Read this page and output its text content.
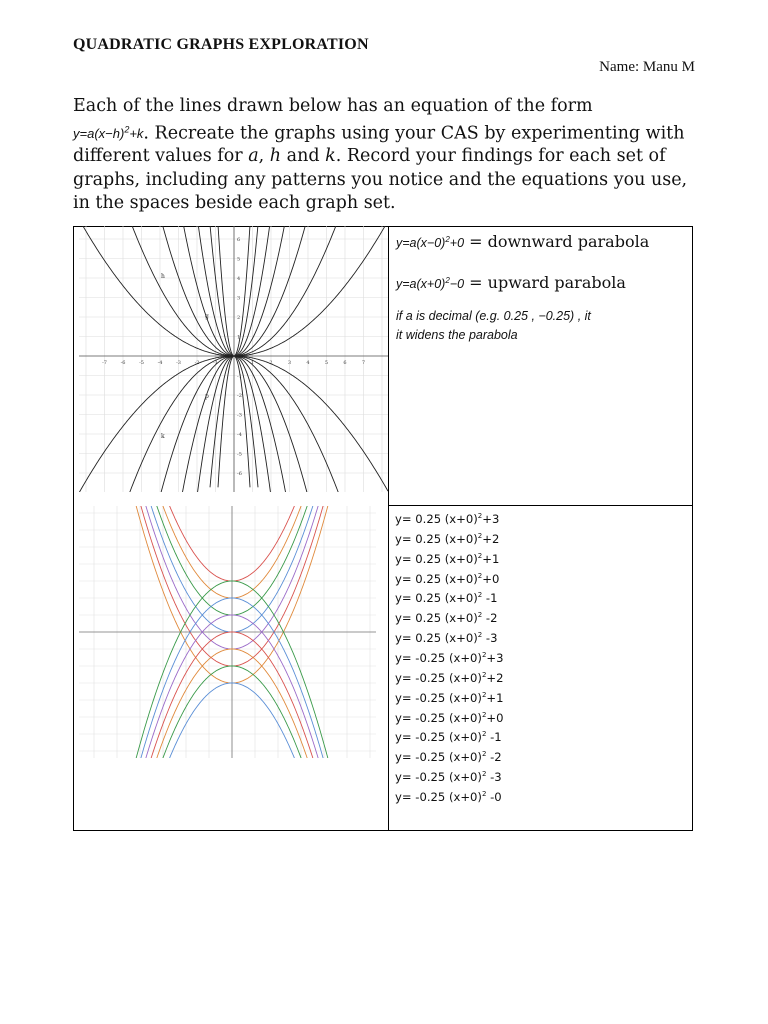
QUADRATIC GRAPHS EXPLORATION
Name: Manu M
Each of the lines drawn below has an equation of the form
$y=a(x-h)^2+k$. Recreate the graphs using your CAS by experimenting with different values for a, h and k. Record your findings for each set of graphs, including any patterns you notice and the equations you use, in the spaces beside each graph set.
-7	-6	-5	-4	-3	-2	-1	1	2	3	4	5	6	7
6
5
4
3
2
1
-1
-2
-3
-4
-5
-6
h
g
p
k
$y=a(x-0)^2+0$ = downward parabola
$y=a(x+0)^2-0$ = upward parabola
if a is decimal (e.g. 0.25 , −0.25) , it
it widens the parabola
y= 0.25 $(x+0)^2+3$
y= 0.25 $(x+0)^2+2$
y= 0.25 $(x+0)^2+1$
y= 0.25 $(x+0)^2+0$
y= 0.25 $(x+0)^2$ -1
y= 0.25 $(x+0)^2$ -2
y= 0.25 $(x+0)^2$ -3
y= -0.25 $(x+0)^2+3$
y= -0.25 $(x+0)^2+2$
y= -0.25 $(x+0)^2+1$
y= -0.25 $(x+0)^2+0$
y= -0.25 $(x+0)^2$ -1
y= -0.25 $(x+0)^2$ -2
y= -0.25 $(x+0)^2$ -3
y= -0.25 $(x+0)^2$ -0
